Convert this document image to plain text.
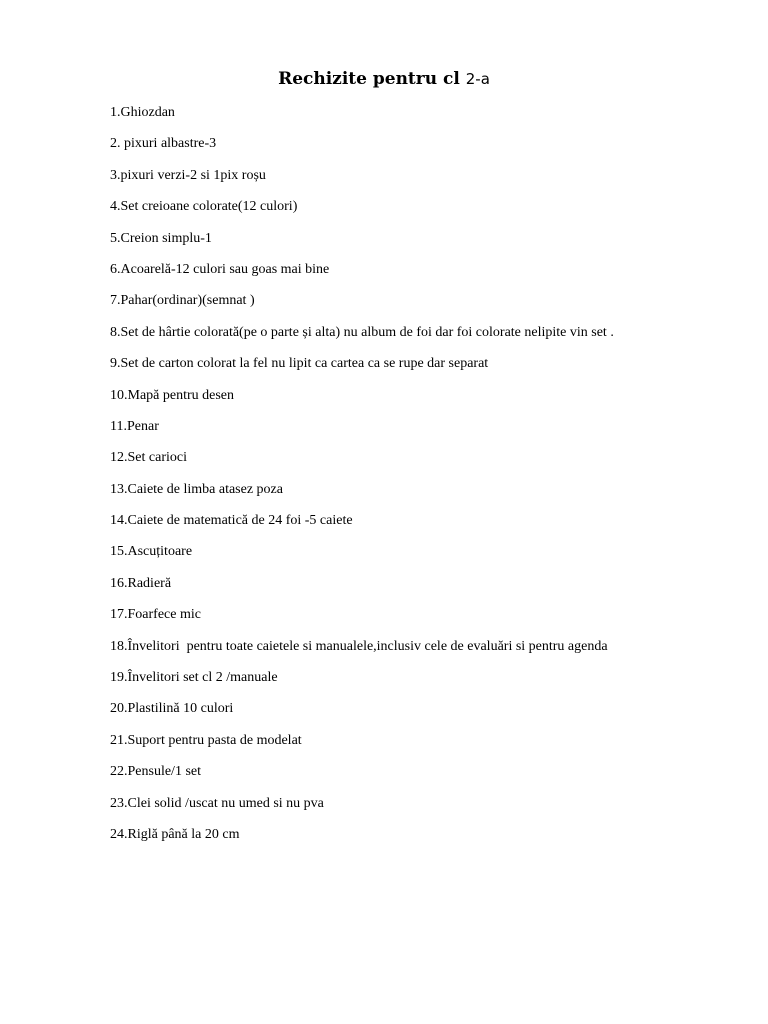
Rechizite pentru cl 2-a
1.Ghiozdan
2. pixuri albastre-3
3.pixuri verzi-2 si 1pix roșu
4.Set creioane colorate(12 culori)
5.Creion simplu-1
6.Acoarelă-12 culori sau goas mai bine
7.Pahar(ordinar)(semnat )
8.Set de hârtie colorată(pe o parte și alta) nu album de foi dar foi colorate nelipite vin set .
9.Set de carton colorat la fel nu lipit ca cartea ca se rupe dar separat
10.Mapă pentru desen
11.Penar
12.Set carioci
13.Caiete de limba atasez poza
14.Caiete de matematică de 24 foi -5 caiete
15.Ascuțitoare
16.Radieră
17.Foarfece mic
18.Învelitori  pentru toate caietele si manualele,inclusiv cele de evaluări si pentru agenda
19.Învelitori set cl 2 /manuale
20.Plastilină 10 culori
21.Suport pentru pasta de modelat
22.Pensule/1 set
23.Clei solid /uscat nu umed si nu pva
24.Riglă până la 20 cm
